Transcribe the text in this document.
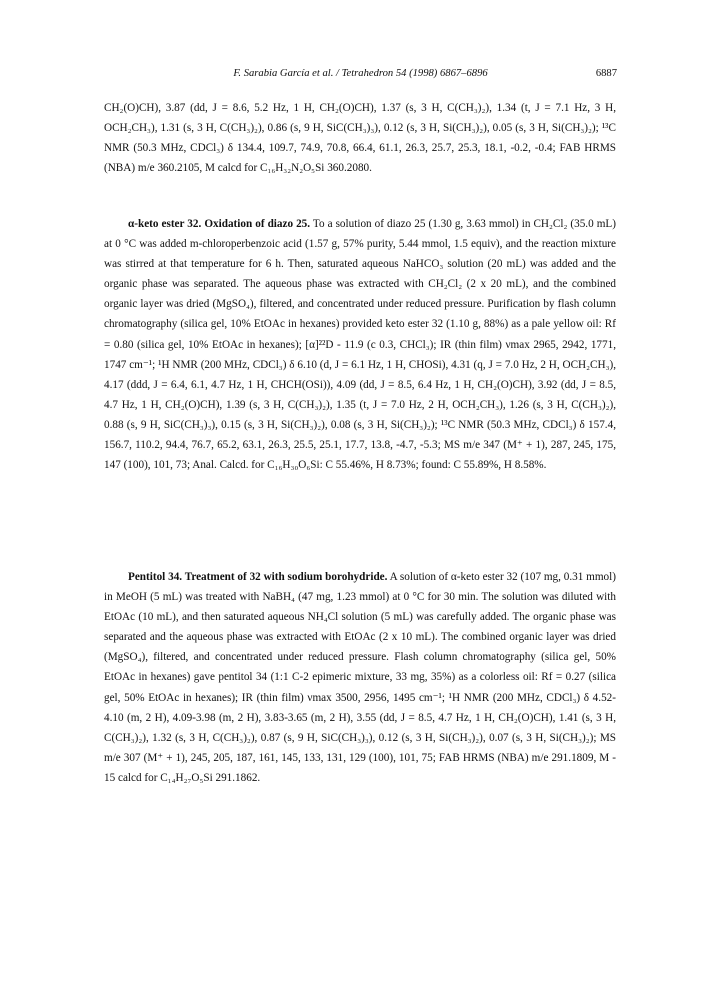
F. Sarabia García et al. / Tetrahedron 54 (1998) 6867–6896	6887

CH₂(O)CH), 3.87 (dd, J = 8.6, 5.2 Hz, 1 H, CH₂(O)CH), 1.37 (s, 3 H, C(CH₃)₂), 1.34 (t, J = 7.1 Hz, 3 H, OCH₂CH₃), 1.31 (s, 3 H, C(CH₃)₂), 0.86 (s, 9 H, SiC(CH₃)₃), 0.12 (s, 3 H, Si(CH₃)₂), 0.05 (s, 3 H, Si(CH₃)₂); ¹³C NMR (50.3 MHz, CDCl₃) δ 134.4, 109.7, 74.9, 70.8, 66.4, 61.1, 26.3, 25.7, 25.3, 18.1, -0.2, -0.4; FAB HRMS (NBA) m/e 360.2105, M calcd for C₁₆H₃₂N₂O₅Si 360.2080.

α-keto ester 32. Oxidation of diazo 25. To a solution of diazo 25 (1.30 g, 3.63 mmol) in CH₂Cl₂ (35.0 mL) at 0 °C was added m-chloroperbenzoic acid (1.57 g, 57% purity, 5.44 mmol, 1.5 equiv), and the reaction mixture was stirred at that temperature for 6 h. Then, saturated aqueous NaHCO₃ solution (20 mL) was added and the organic phase was separated. The aqueous phase was extracted with CH₂Cl₂ (2 x 20 mL), and the combined organic layer was dried (MgSO₄), filtered, and concentrated under reduced pressure. Purification by flash column chromatography (silica gel, 10% EtOAc in hexanes) provided keto ester 32 (1.10 g, 88%) as a pale yellow oil: Rf = 0.80 (silica gel, 10% EtOAc in hexanes); [α]²²D - 11.9 (c 0.3, CHCl₃); IR (thin film) νmax 2965, 2942, 1771, 1747 cm⁻¹; ¹H NMR (200 MHz, CDCl₃) δ 6.10 (d, J = 6.1 Hz, 1 H, CHOSi), 4.31 (q, J = 7.0 Hz, 2 H, OCH₂CH₃), 4.17 (ddd, J = 6.4, 6.1, 4.7 Hz, 1 H, CHCH(OSi)), 4.09 (dd, J = 8.5, 6.4 Hz, 1 H, CH₂(O)CH), 3.92 (dd, J = 8.5, 4.7 Hz, 1 H, CH₂(O)CH), 1.39 (s, 3 H, C(CH₃)₂), 1.35 (t, J = 7.0 Hz, 2 H, OCH₂CH₃), 1.26 (s, 3 H, C(CH₃)₂), 0.88 (s, 9 H, SiC(CH₃)₃), 0.15 (s, 3 H, Si(CH₃)₂), 0.08 (s, 3 H, Si(CH₃)₂); ¹³C NMR (50.3 MHz, CDCl₃) δ 157.4, 156.7, 110.2, 94.4, 76.7, 65.2, 63.1, 26.3, 25.5, 25.1, 17.7, 13.8, -4.7, -5.3; MS m/e 347 (M⁺ + 1), 287, 245, 175, 147 (100), 101, 73; Anal. Calcd. for C₁₆H₃₀O₆Si: C 55.46%, H 8.73%; found: C 55.89%, H 8.58%.

Pentitol 34. Treatment of 32 with sodium borohydride. A solution of α-keto ester 32 (107 mg, 0.31 mmol) in MeOH (5 mL) was treated with NaBH₄ (47 mg, 1.23 mmol) at 0 °C for 30 min. The solution was diluted with EtOAc (10 mL), and then saturated aqueous NH₄Cl solution (5 mL) was carefully added. The organic phase was separated and the aqueous phase was extracted with EtOAc (2 x 10 mL). The combined organic layer was dried (MgSO₄), filtered, and concentrated under reduced pressure. Flash column chromatography (silica gel, 50% EtOAc in hexanes) gave pentitol 34 (1:1 C-2 epimeric mixture, 33 mg, 35%) as a colorless oil: Rf = 0.27 (silica gel, 50% EtOAc in hexanes); IR (thin film) νmax 3500, 2956, 1495 cm⁻¹; ¹H NMR (200 MHz, CDCl₃) δ 4.52-4.10 (m, 2 H), 4.09-3.98 (m, 2 H), 3.83-3.65 (m, 2 H), 3.55 (dd, J = 8.5, 4.7 Hz, 1 H, CH₂(O)CH), 1.41 (s, 3 H, C(CH₃)₂), 1.32 (s, 3 H, C(CH₃)₂), 0.87 (s, 9 H, SiC(CH₃)₃), 0.12 (s, 3 H, Si(CH₃)₂), 0.07 (s, 3 H, Si(CH₃)₂); MS m/e 307 (M⁺ + 1), 245, 205, 187, 161, 145, 133, 131, 129 (100), 101, 75; FAB HRMS (NBA) m/e 291.1809, M - 15 calcd for C₁₄H₂₇O₅Si 291.1862.
